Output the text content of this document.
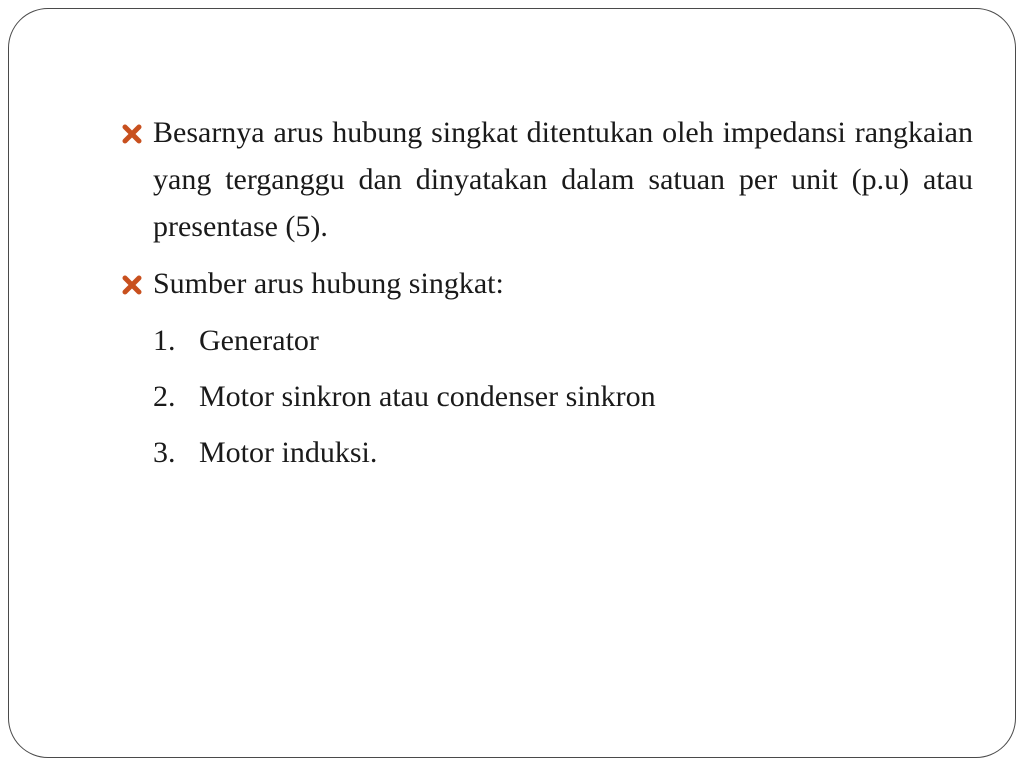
Besarnya arus hubung singkat ditentukan oleh impedansi rangkaian yang terganggu dan dinyatakan dalam satuan per unit (p.u) atau presentase (5).
Sumber arus hubung singkat:
1. Generator
2. Motor sinkron atau condenser sinkron
3. Motor induksi.
